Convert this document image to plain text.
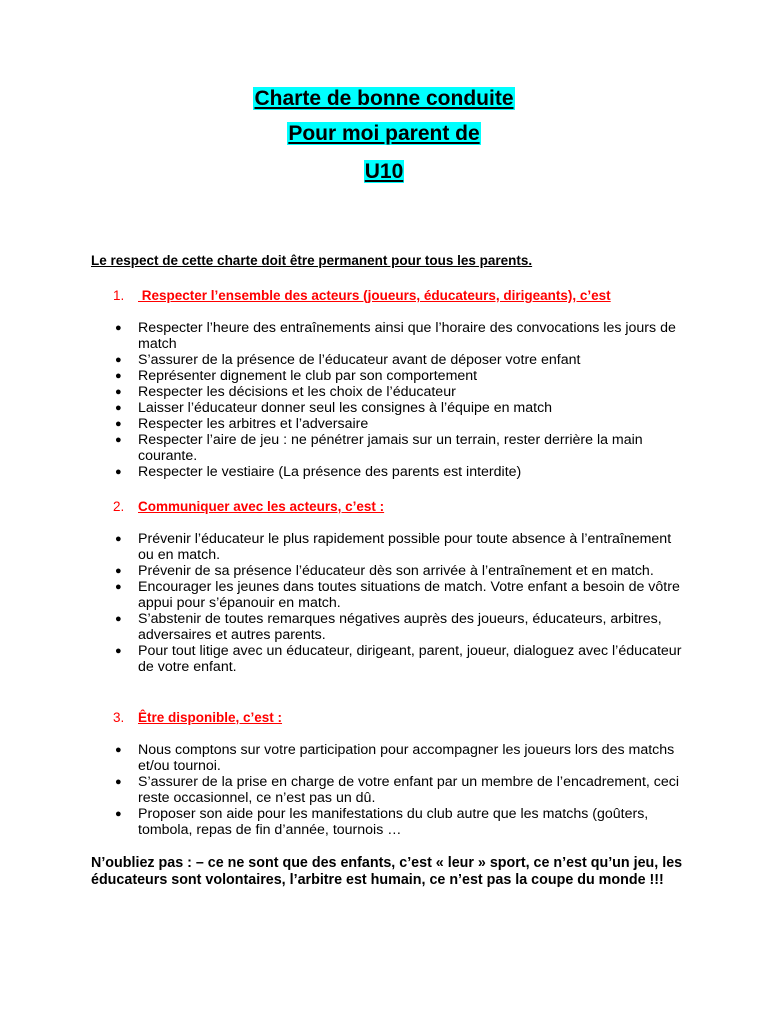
Charte de bonne conduite
Pour moi parent de
U10
Le respect de cette charte doit être permanent pour tous les parents.
1. Respecter l’ensemble des acteurs (joueurs, éducateurs, dirigeants), c’est
● Respecter l’heure des entraînements ainsi que l’horaire des convocations les jours de match
● S’assurer de la présence de l’éducateur avant de déposer votre enfant
● Représenter dignement le club par son comportement
● Respecter les décisions et les choix de l’éducateur
● Laisser l’éducateur donner seul les consignes à l’équipe en match
● Respecter les arbitres et l’adversaire
● Respecter l’aire de jeu : ne pénétrer jamais sur un terrain, rester derrière la main courante.
● Respecter le vestiaire (La présence des parents est interdite)
2. Communiquer avec les acteurs, c’est :
● Prévenir l’éducateur le plus rapidement possible pour toute absence à l’entraînement ou en match.
● Prévenir de sa présence l’éducateur dès son arrivée à l’entraînement et en match.
● Encourager les jeunes dans toutes situations de match. Votre enfant a besoin de vôtre appui pour s’épanouir en match.
● S’abstenir de toutes remarques négatives auprès des joueurs, éducateurs, arbitres, adversaires et autres parents.
● Pour tout litige avec un éducateur, dirigeant, parent, joueur, dialoguez avec l’éducateur de votre enfant.
3. Être disponible, c’est :
● Nous comptons sur votre participation pour accompagner les joueurs lors des matchs et/ou tournoi.
● S’assurer de la prise en charge de votre enfant par un membre de l’encadrement, ceci reste occasionnel, ce n’est pas un dû.
● Proposer son aide pour les manifestations du club autre que les matchs (goûters, tombola, repas de fin d’année, tournois …
N’oubliez pas : – ce ne sont que des enfants, c’est « leur » sport, ce n’est qu’un jeu, les éducateurs sont volontaires, l’arbitre est humain, ce n’est pas la coupe du monde !!!
